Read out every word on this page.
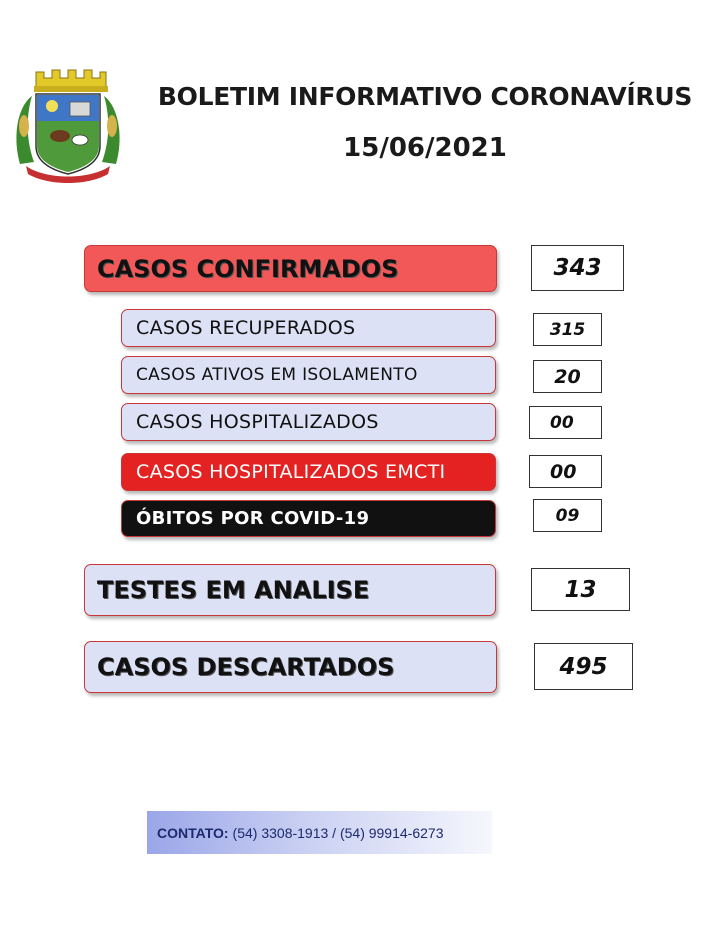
BOLETIM INFORMATIVO CORONAVÍRUS
15/06/2021
CASOS CONFIRMADOS	343
CASOS RECUPERADOS	315
CASOS ATIVOS EM ISOLAMENTO	20
CASOS HOSPITALIZADOS	00
CASOS HOSPITALIZADOS EMCTI	00
ÓBITOS POR COVID-19	09
TESTES EM ANALISE	13
CASOS DESCARTADOS	495
CONTATO: (54) 3308-1913 / (54) 99914-6273
